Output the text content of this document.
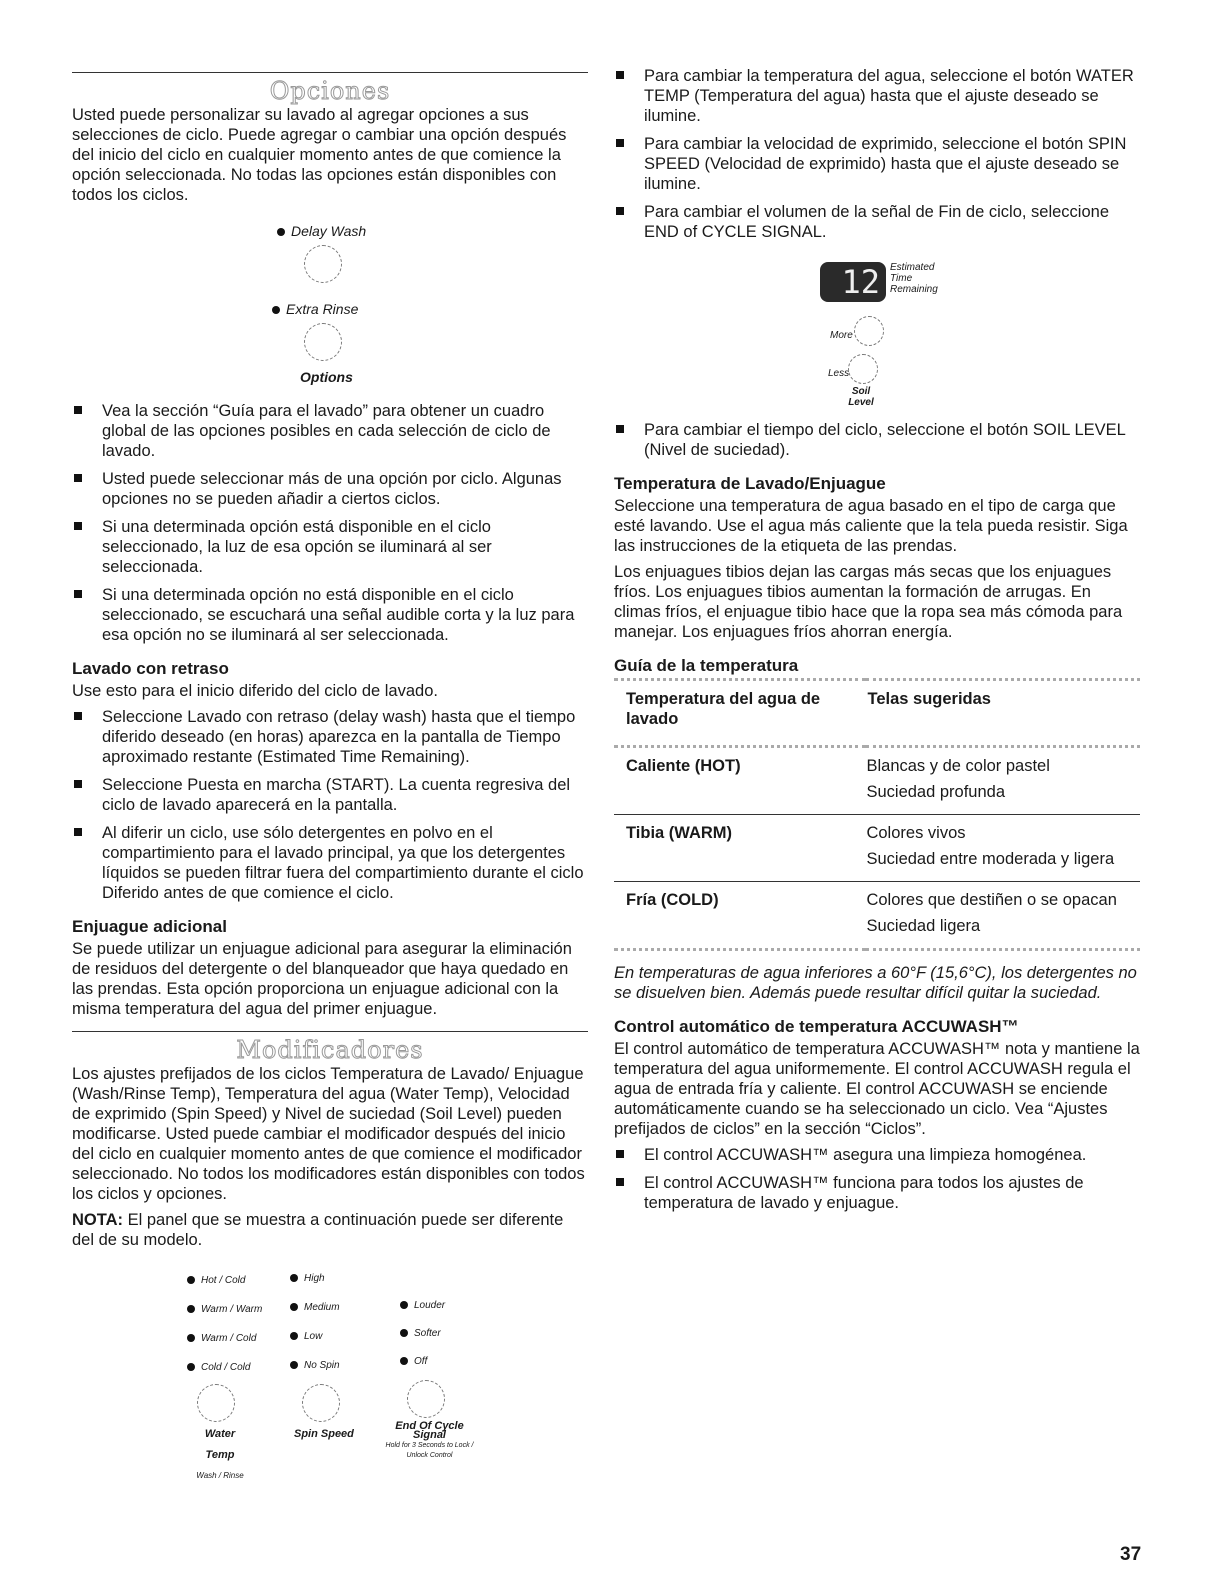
Opciones

Usted puede personalizar su lavado al agregar opciones a sus selecciones de ciclo. Puede agregar o cambiar una opción después del inicio del ciclo en cualquier momento antes de que comience la opción seleccionada. No todas las opciones están disponibles con todos los ciclos.

Delay Wash
Extra Rinse
Options
Vea la sección “Guía para el lavado” para obtener un cuadro global de las opciones posibles en cada selección de ciclo de lavado.
Usted puede seleccionar más de una opción por ciclo. Algunas opciones no se pueden añadir a ciertos ciclos.
Si una determinada opción está disponible en el ciclo seleccionado, la luz de esa opción se iluminará al ser seleccionada.
Si una determinada opción no está disponible en el ciclo seleccionado, se escuchará una señal audible corta y la luz para esa opción no se iluminará al ser seleccionada.
Lavado con retraso

Use esto para el inicio diferido del ciclo de lavado.

Seleccione Lavado con retraso (delay wash) hasta que el tiempo diferido deseado (en horas) aparezca en la pantalla de Tiempo aproximado restante (Estimated Time Remaining).
Seleccione Puesta en marcha (START). La cuenta regresiva del ciclo de lavado aparecerá en la pantalla.
Al diferir un ciclo, use sólo detergentes en polvo en el compartimiento para el lavado principal, ya que los detergentes líquidos se pueden filtrar fuera del compartimiento durante el ciclo Diferido antes de que comience el ciclo.
Enjuague adicional

Se puede utilizar un enjuague adicional para asegurar la eliminación de residuos del detergente o del blanqueador que haya quedado en las prendas. Esta opción proporciona un enjuague adicional con la misma temperatura del agua del primer enjuague.

Modificadores

Los ajustes prefijados de los ciclos Temperatura de Lavado/ Enjuague (Wash/Rinse Temp), Temperatura del agua (Water Temp), Velocidad de exprimido (Spin Speed) y Nivel de suciedad (Soil Level) pueden modificarse. Usted puede cambiar el modificador después del inicio del ciclo en cualquier momento antes de que comience el modificador seleccionado. No todos los modificadores están disponibles con todos los ciclos y opciones.

NOTA: El panel que se muestra a continuación puede ser diferente del de su modelo.

Hot / Cold
Warm / Warm
Warm / Cold
Cold / Cold
Water Temp
Wash / Rinse
High
Medium
Low
No Spin
Spin Speed
Louder
Softer
Off
End Of Cycle Signal
Hold for 3 Seconds to Lock / Unlock Control
Para cambiar la temperatura del agua, seleccione el botón WATER TEMP (Temperatura del agua) hasta que el ajuste deseado se ilumine.
Para cambiar la velocidad de exprimido, seleccione el botón SPIN SPEED (Velocidad de exprimido) hasta que el ajuste deseado se ilumine.
Para cambiar el volumen de la señal de Fin de ciclo, seleccione END of CYCLE SIGNAL.
12	Estimated Time Remaining
More
Less
Soil Level
Para cambiar el tiempo del ciclo, seleccione el botón SOIL LEVEL (Nivel de suciedad).
Temperatura de Lavado/Enjuague

Seleccione una temperatura de agua basado en el tipo de carga que esté lavando. Use el agua más caliente que la tela pueda resistir. Siga las instrucciones de la etiqueta de las prendas.

Los enjuagues tibios dejan las cargas más secas que los enjuagues fríos. Los enjuagues tibios aumentan la formación de arrugas. En climas fríos, el enjuague tibio hace que la ropa sea más cómoda para manejar. Los enjuagues fríos ahorran energía.

Guía de la temperatura
Temperatura del agua de lavado	Telas sugeridas
Caliente (HOT)	Blancas y de color pastel

Suciedad profunda

Tibia (WARM)	Colores vivos

Suciedad entre moderada y ligera

Fría (COLD)	Colores que destiñen o se opacan

Suciedad ligera

En temperaturas de agua inferiores a 60°F (15,6°C), los detergentes no se disuelven bien. Además puede resultar difícil quitar la suciedad.

Control automático de temperatura ACCUWASH™

El control automático de temperatura ACCUWASH™ nota y mantiene la temperatura del agua uniformemente. El control ACCUWASH regula el agua de entrada fría y caliente. El control ACCUWASH se enciende automáticamente cuando se ha seleccionado un ciclo. Vea “Ajustes prefijados de ciclos” en la sección “Ciclos”.

El control ACCUWASH™ asegura una limpieza homogénea.
El control ACCUWASH™ funciona para todos los ajustes de temperatura de lavado y enjuague.
37
